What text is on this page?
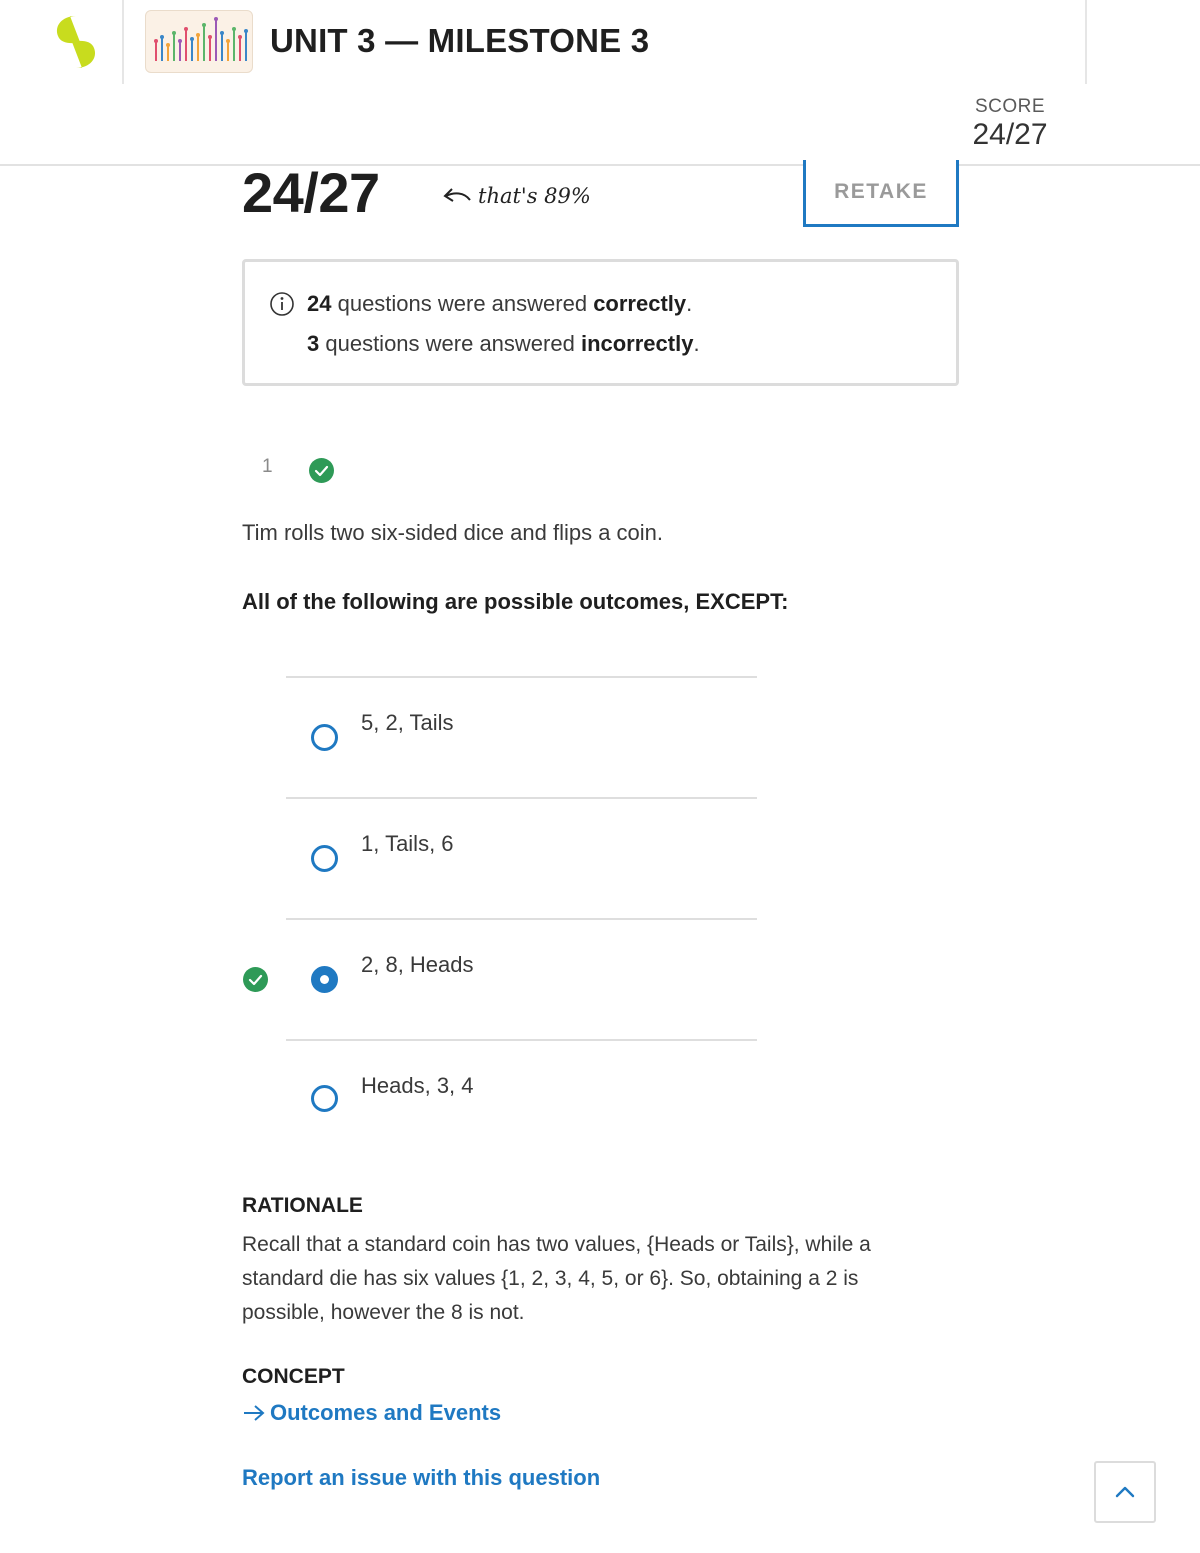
UNIT 3 — MILESTONE 3
SCORE
24/27
24/27	that's 89%	RETAKE
24 questions were answered correctly.
3 questions were answered incorrectly.
1
Tim rolls two six-sided dice and flips a coin.
All of the following are possible outcomes, EXCEPT:
5, 2, Tails
1, Tails, 6
2, 8, Heads
Heads, 3, 4
RATIONALE
Recall that a standard coin has two values, {Heads or Tails}, while a standard die has six values {1, 2, 3, 4, 5, or 6}. So, obtaining a 2 is possible, however the 8 is not.
CONCEPT
Outcomes and Events
Report an issue with this question
